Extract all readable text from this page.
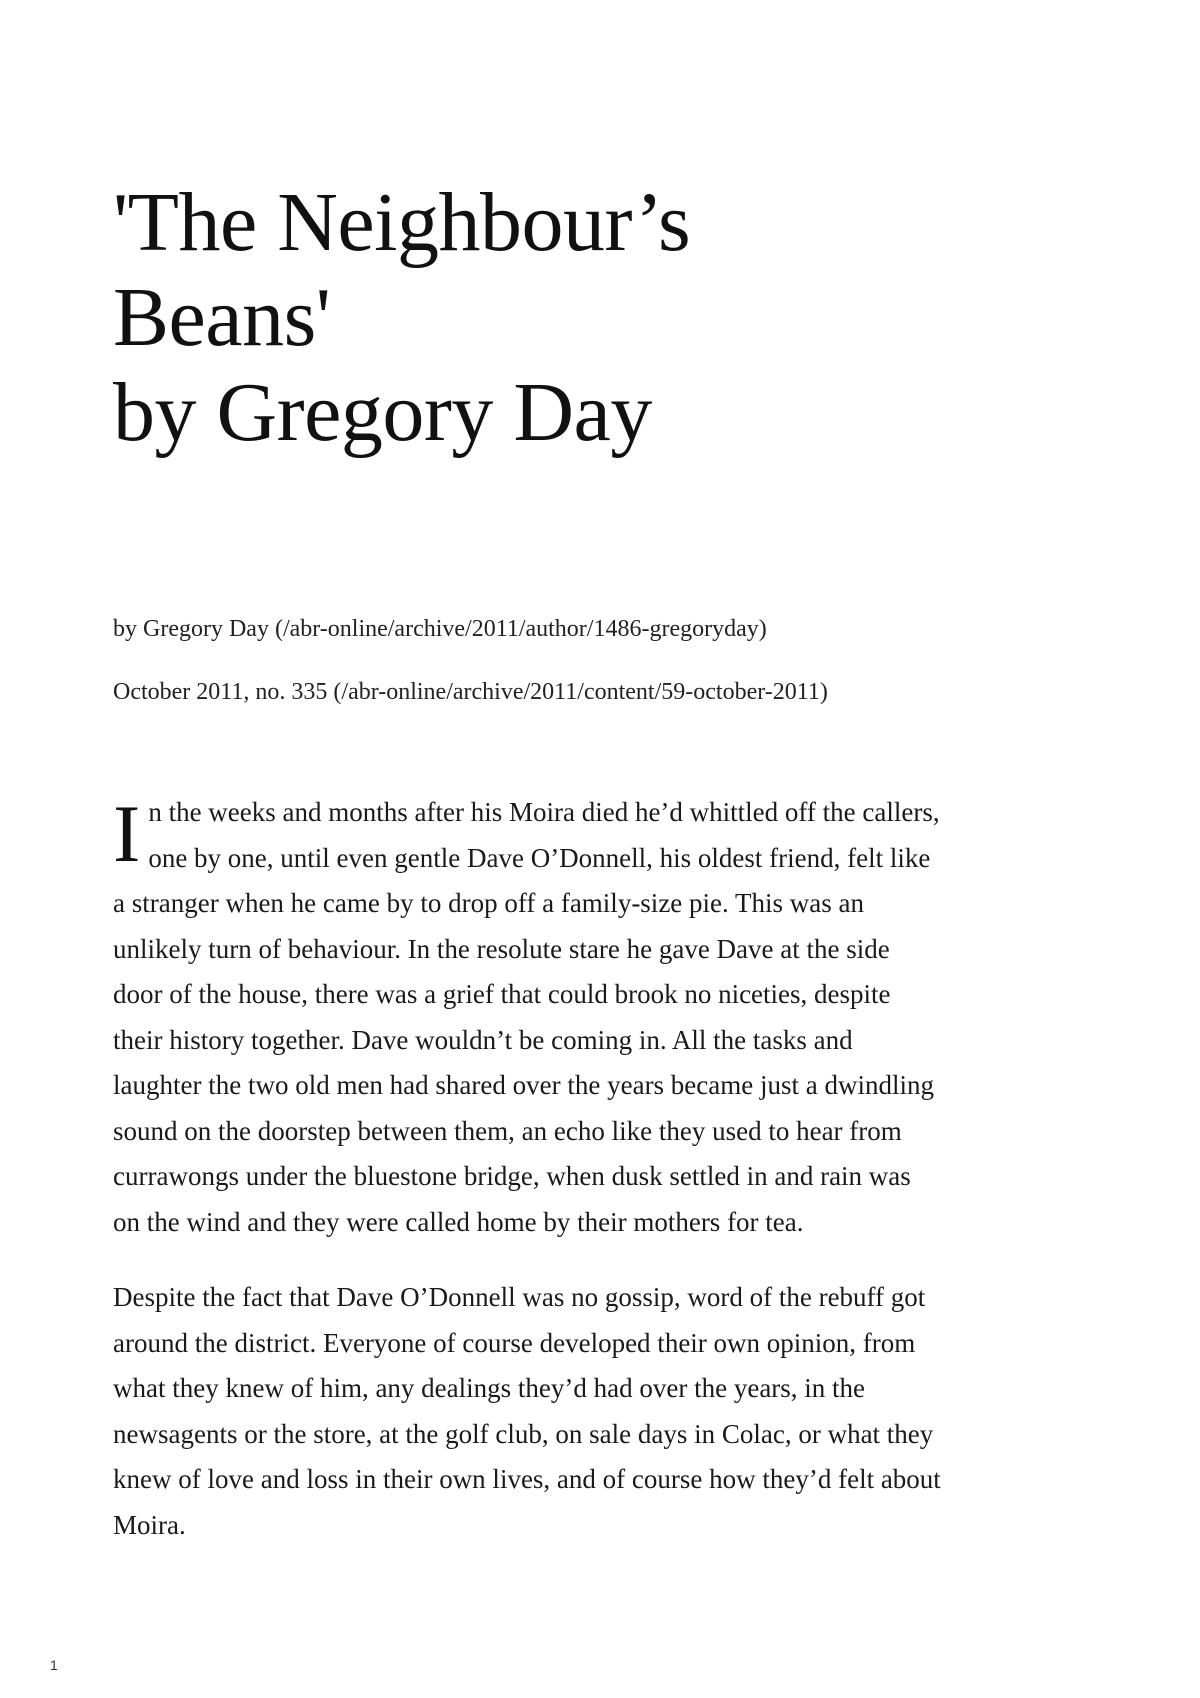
'The Neighbour’s
Beans'
by Gregory Day

by Gregory Day (/abr-online/archive/2011/author/1486-gregoryday)

October 2011, no. 335 (/abr-online/archive/2011/content/59-october-2011)

I n the weeks and months after his Moira died he’d whittled off the callers,
one by one, until even gentle Dave O’Donnell, his oldest friend, felt like
a stranger when he came by to drop off a family-size pie. This was an
unlikely turn of behaviour. In the resolute stare he gave Dave at the side
door of the house, there was a grief that could brook no niceties, despite
their history together. Dave wouldn’t be coming in. All the tasks and
laughter the two old men had shared over the years became just a dwindling
sound on the doorstep between them, an echo like they used to hear from
currawongs under the bluestone bridge, when dusk settled in and rain was
on the wind and they were called home by their mothers for tea.
Despite the fact that Dave O’Donnell was no gossip, word of the rebuff got
around the district. Everyone of course developed their own opinion, from
what they knew of him, any dealings they’d had over the years, in the
newsagents or the store, at the golf club, on sale days in Colac, or what they
knew of love and loss in their own lives, and of course how they’d felt about
Moira.
1
